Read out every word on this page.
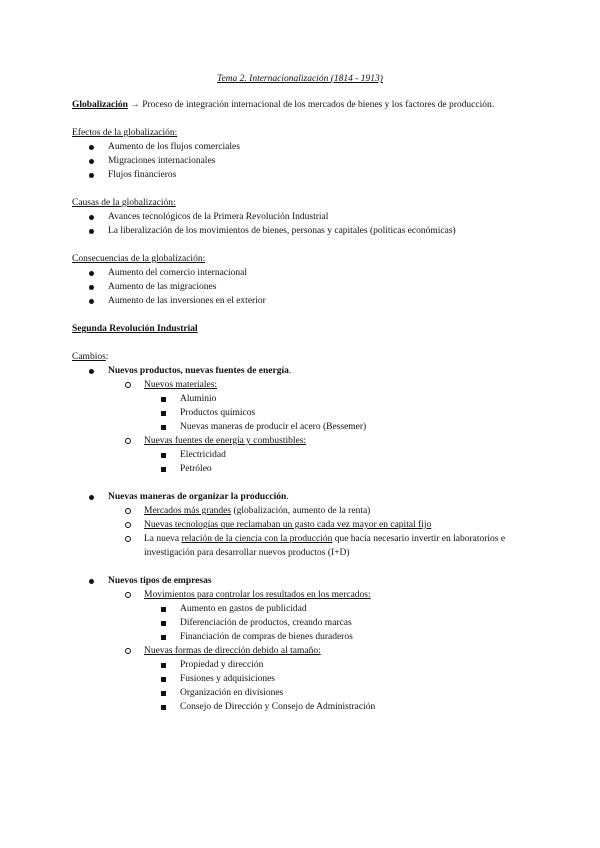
Tema 2. Internacionalización (1814 - 1913)

Globalización → Proceso de integración internacional de los mercados de bienes y los factores de producción.

Efectos de la globalización:
Aumento de los flujos comerciales
Migraciones internacionales
Flujos financieros
Causas de la globalización:
Avances tecnológicos de la Primera Revolución Industrial
La liberalización de los movimientos de bienes, personas y capitales (políticas económicas)
Consecuencias de la globalización:
Aumento del comercio internacional
Aumento de las migraciones
Aumento de las inversiones en el exterior
Segunda Revolución Industrial
Cambios:
Nuevos productos, nuevas fuentes de energía.
Nuevos materiales:
Aluminio
Productos químicos
Nuevas maneras de producir el acero (Bessemer)
Nuevas fuentes de energía y combustibles:
Electricidad
Petróleo
Nuevas maneras de organizar la producción.
Mercados más grandes (globalización, aumento de la renta)
Nuevas tecnologías que reclamaban un gasto cada vez mayor en capital fijo
La nueva relación de la ciencia con la producción que hacía necesario invertir en laboratorios e investigación para desarrollar nuevos productos (I+D)
Nuevos tipos de empresas
Movimientos para controlar los resultados en los mercados:
Aumento en gastos de publicidad
Diferenciación de productos, creando marcas
Financiación de compras de bienes duraderos
Nuevas formas de dirección debido al tamaño:
Propiedad y dirección
Fusiones y adquisiciones
Organización en divisiones
Consejo de Dirección y Consejo de Administración
